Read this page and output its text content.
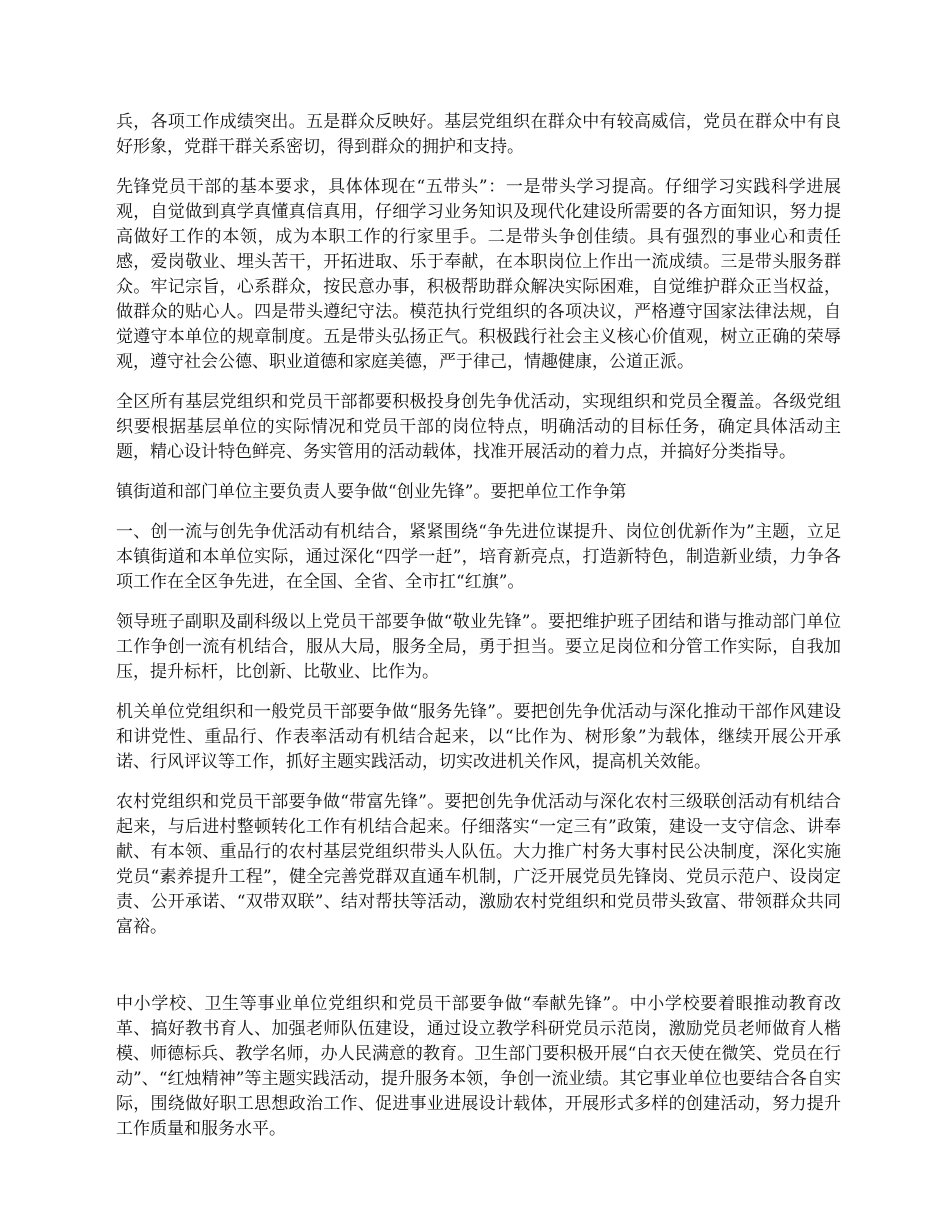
兵，各项工作成绩突出。五是群众反映好。基层党组织在群众中有较高威信，党员在群众中有良好形象，党群干群关系密切，得到群众的拥护和支持。

先锋党员干部的基本要求，具体体现在“五带头”：一是带头学习提高。仔细学习实践科学进展观，自觉做到真学真懂真信真用，仔细学习业务知识及现代化建设所需要的各方面知识，努力提高做好工作的本领，成为本职工作的行家里手。二是带头争创佳绩。具有强烈的事业心和责任感，爱岗敬业、埋头苦干，开拓进取、乐于奉献，在本职岗位上作出一流成绩。三是带头服务群众。牢记宗旨，心系群众，按民意办事，积极帮助群众解决实际困难，自觉维护群众正当权益，做群众的贴心人。四是带头遵纪守法。模范执行党组织的各项决议，严格遵守国家法律法规，自觉遵守本单位的规章制度。五是带头弘扬正气。积极践行社会主义核心价值观，树立正确的荣辱观，遵守社会公德、职业道德和家庭美德，严于律己，情趣健康，公道正派。

全区所有基层党组织和党员干部都要积极投身创先争优活动，实现组织和党员全覆盖。各级党组织要根据基层单位的实际情况和党员干部的岗位特点，明确活动的目标任务，确定具体活动主题，精心设计特色鲜亮、务实管用的活动载体，找准开展活动的着力点，并搞好分类指导。

镇街道和部门单位主要负责人要争做“创业先锋”。要把单位工作争第

一、创一流与创先争优活动有机结合，紧紧围绕“争先进位谋提升、岗位创优新作为”主题，立足本镇街道和本单位实际，通过深化“四学一赶”，培育新亮点，打造新特色，制造新业绩，力争各项工作在全区争先进，在全国、全省、全市扛“红旗”。

领导班子副职及副科级以上党员干部要争做“敬业先锋”。要把维护班子团结和谐与推动部门单位工作争创一流有机结合，服从大局，服务全局，勇于担当。要立足岗位和分管工作实际，自我加压，提升标杆，比创新、比敬业、比作为。

机关单位党组织和一般党员干部要争做“服务先锋”。要把创先争优活动与深化推动干部作风建设和讲党性、重品行、作表率活动有机结合起来，以“比作为、树形象”为载体，继续开展公开承诺、行风评议等工作，抓好主题实践活动，切实改进机关作风，提高机关效能。

农村党组织和党员干部要争做“带富先锋”。要把创先争优活动与深化农村三级联创活动有机结合起来，与后进村整顿转化工作有机结合起来。仔细落实“一定三有”政策，建设一支守信念、讲奉献、有本领、重品行的农村基层党组织带头人队伍。大力推广村务大事村民公决制度，深化实施党员“素养提升工程”，健全完善党群双直通车机制，广泛开展党员先锋岗、党员示范户、设岗定责、公开承诺、“双带双联”、结对帮扶等活动，激励农村党组织和党员带头致富、带领群众共同富裕。

中小学校、卫生等事业单位党组织和党员干部要争做“奉献先锋”。中小学校要着眼推动教育改革、搞好教书育人、加强老师队伍建设，通过设立教学科研党员示范岗，激励党员老师做育人楷模、师德标兵、教学名师，办人民满意的教育。卫生部门要积极开展“白衣天使在微笑、党员在行动”、“红烛精神”等主题实践活动，提升服务本领，争创一流业绩。其它事业单位也要结合各自实际，围绕做好职工思想政治工作、促进事业进展设计载体，开展形式多样的创建活动，努力提升工作质量和服务水平。
